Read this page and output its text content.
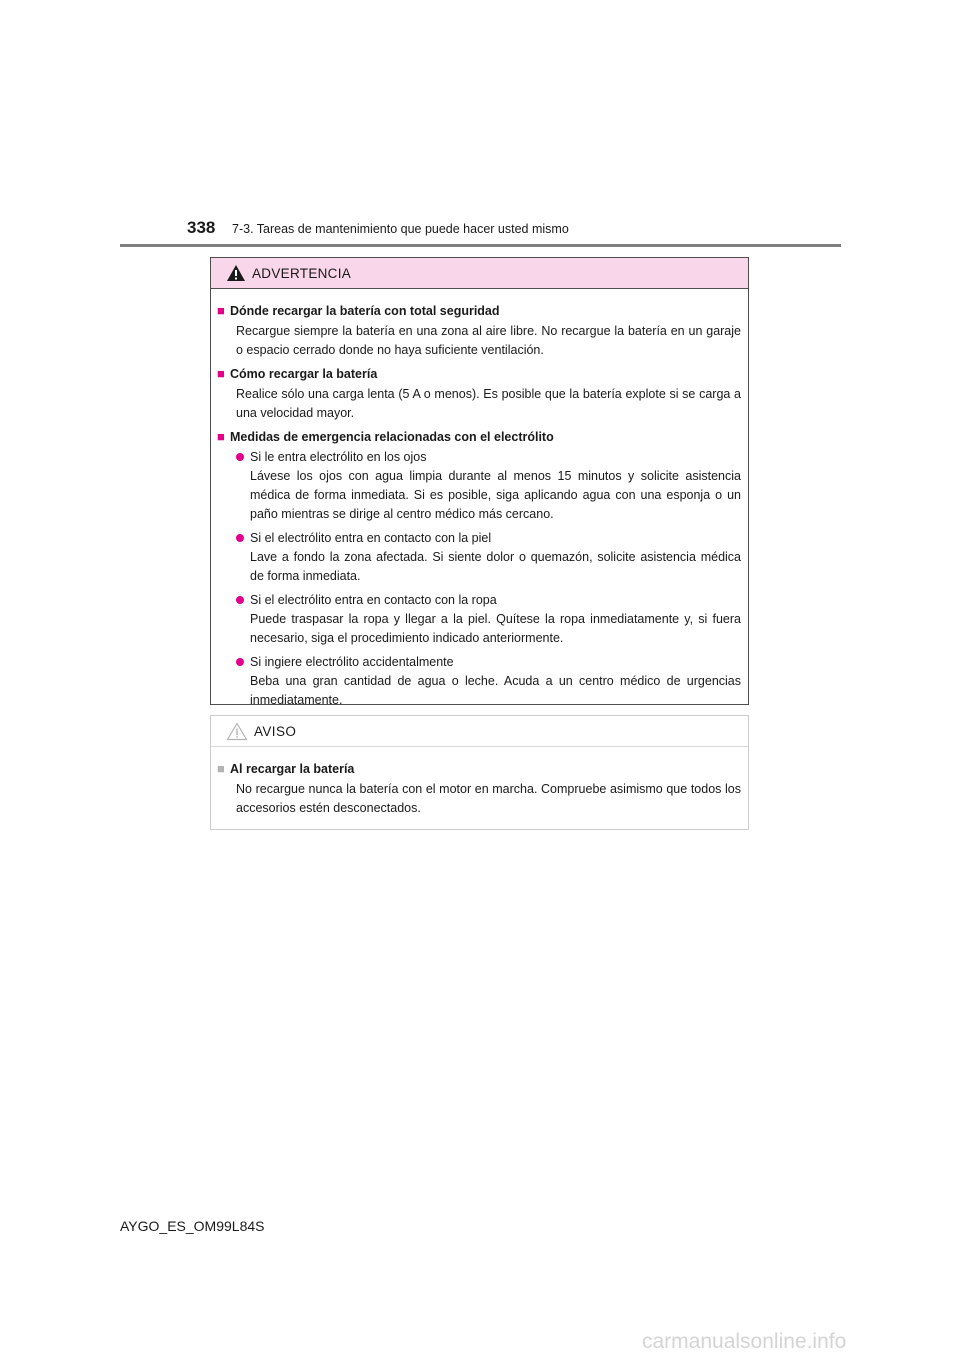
338 7-3. Tareas de mantenimiento que puede hacer usted mismo
ADVERTENCIA
■ Dónde recargar la batería con total seguridad
Recargue siempre la batería en una zona al aire libre. No recargue la batería en un garaje o espacio cerrado donde no haya suficiente ventilación.
■ Cómo recargar la batería
Realice sólo una carga lenta (5 A o menos). Es posible que la batería explote si se carga a una velocidad mayor.
■ Medidas de emergencia relacionadas con el electrólito
Si le entra electrólito en los ojos
Lávese los ojos con agua limpia durante al menos 15 minutos y solicite asistencia médica de forma inmediata. Si es posible, siga aplicando agua con una esponja o un paño mientras se dirige al centro médico más cercano.
Si el electrólito entra en contacto con la piel
Lave a fondo la zona afectada. Si siente dolor o quemazón, solicite asistencia médica de forma inmediata.
Si el electrólito entra en contacto con la ropa
Puede traspasar la ropa y llegar a la piel. Quítese la ropa inmediatamente y, si fuera necesario, siga el procedimiento indicado anteriormente.
Si ingiere electrólito accidentalmente
Beba una gran cantidad de agua o leche. Acuda a un centro médico de urgencias inmediatamente.
AVISO
■ Al recargar la batería
No recargue nunca la batería con el motor en marcha. Compruebe asimismo que todos los accesorios estén desconectados.
AYGO_ES_OM99L84S
carmanualsonline.info
